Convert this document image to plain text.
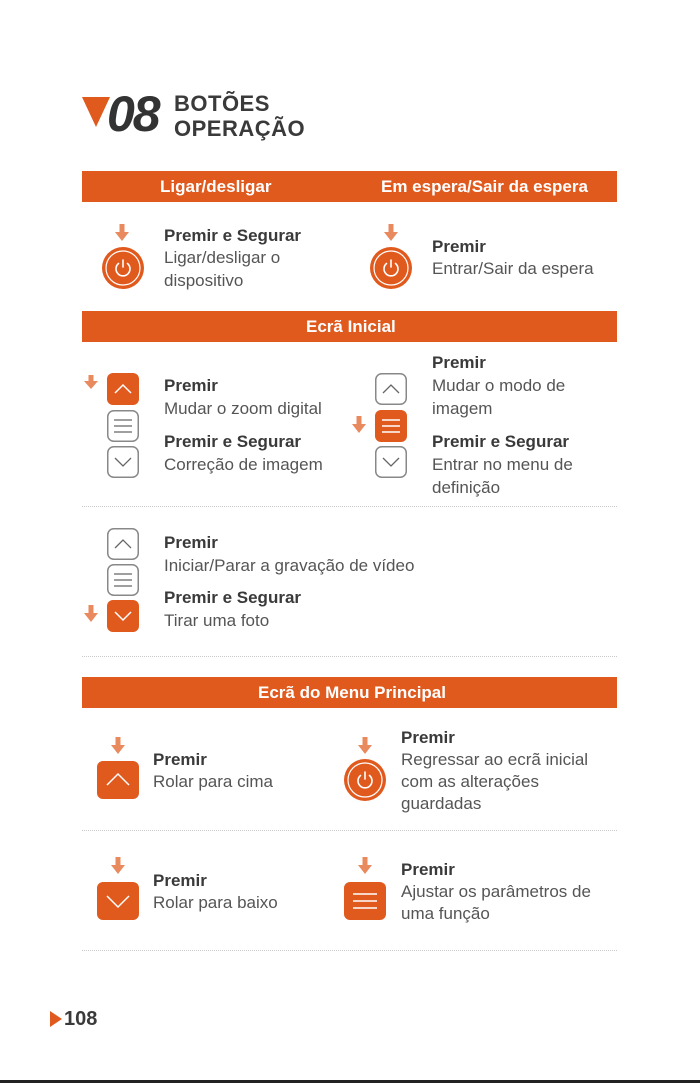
08 BOTÕES
OPERAÇÃO
Ligar/desligar	Em espera/Sair da espera
Premir e Segurar
Ligar/desligar o
dispositivo
Premir
Entrar/Sair da espera
Ecrã Inicial
Premir
Mudar o zoom digital
Premir e Segurar
Correção de imagem
Premir
Mudar o modo de
imagem
Premir e Segurar
Entrar no menu de
definição
Premir
Iniciar/Parar a gravação de vídeo
Premir e Segurar
Tirar uma foto
Ecrã do Menu Principal
Premir
Rolar para cima
Premir
Regressar ao ecrã inicial
com as alterações
guardadas
Premir
Rolar para baixo
Premir
Ajustar os parâmetros de
uma função
108
